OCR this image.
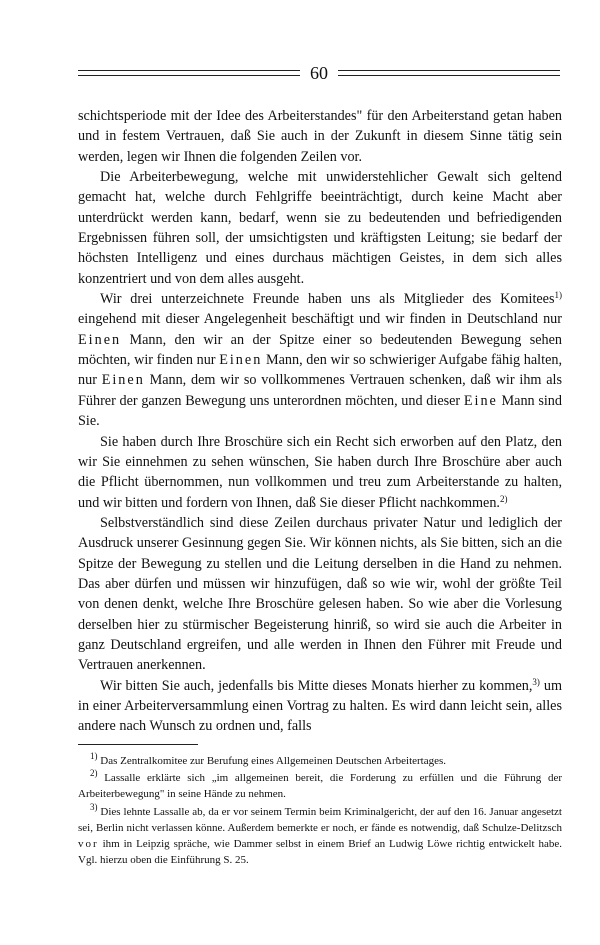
60

schichtsperiode mit der Idee des Arbeiterstandes" für den Arbeiterstand getan haben und in festem Vertrauen, daß Sie auch in der Zukunft in diesem Sinne tätig sein werden, legen wir Ihnen die folgenden Zeilen vor.

Die Arbeiterbewegung, welche mit unwiderstehlicher Gewalt sich geltend gemacht hat, welche durch Fehlgriffe beeinträchtigt, durch keine Macht aber unterdrückt werden kann, bedarf, wenn sie zu bedeutenden und befriedigenden Ergebnissen führen soll, der umsichtigsten und kräftigsten Leitung; sie bedarf der höchsten Intelligenz und eines durchaus mächtigen Geistes, in dem sich alles konzentriert und von dem alles ausgeht.

Wir drei unterzeichnete Freunde haben uns als Mitglieder des Komitees$^{1)}$ eingehend mit dieser Angelegenheit beschäftigt und wir finden in Deutschland nur Einen Mann, den wir an der Spitze einer so bedeutenden Bewegung sehen möchten, wir finden nur Einen Mann, den wir so schwieriger Aufgabe fähig halten, nur Einen Mann, dem wir so vollkommenes Vertrauen schenken, daß wir ihm als Führer der ganzen Bewegung uns unterordnen möchten, und dieser Eine Mann sind Sie.

Sie haben durch Ihre Broschüre sich ein Recht sich erworben auf den Platz, den wir Sie einnehmen zu sehen wünschen, Sie haben durch Ihre Broschüre aber auch die Pflicht übernommen, nun vollkommen und treu zum Arbeiterstande zu halten, und wir bitten und fordern von Ihnen, daß Sie dieser Pflicht nachkommen.$^{2)}$

Selbstverständlich sind diese Zeilen durchaus privater Natur und lediglich der Ausdruck unserer Gesinnung gegen Sie. Wir können nichts, als Sie bitten, sich an die Spitze der Bewegung zu stellen und die Leitung derselben in die Hand zu nehmen. Das aber dürfen und müssen wir hinzufügen, daß so wie wir, wohl der größte Teil von denen denkt, welche Ihre Broschüre gelesen haben. So wie aber die Vorlesung derselben hier zu stürmischer Begeisterung hinriß, so wird sie auch die Arbeiter in ganz Deutschland ergreifen, und alle werden in Ihnen den Führer mit Freude und Vertrauen anerkennen.

Wir bitten Sie auch, jedenfalls bis Mitte dieses Monats hierher zu kommen,$^{3)}$ um in einer Arbeiterversammlung einen Vortrag zu halten. Es wird dann leicht sein, alles andere nach Wunsch zu ordnen und, falls

$^{1)}$ Das Zentralkomitee zur Berufung eines Allgemeinen Deutschen Arbeitertages.

$^{2)}$ Lassalle erklärte sich „im allgemeinen bereit, die Forderung zu erfüllen und die Führung der Arbeiterbewegung" in seine Hände zu nehmen.

$^{3)}$ Dies lehnte Lassalle ab, da er vor seinem Termin beim Kriminalgericht, der auf den 16. Januar angesetzt sei, Berlin nicht verlassen könne. Außerdem bemerkte er noch, er fände es notwendig, daß Schulze-Delitzsch vor ihm in Leipzig spräche, wie Dammer selbst in einem Brief an Ludwig Löwe richtig entwickelt habe. Vgl. hierzu oben die Einführung S. 25.
